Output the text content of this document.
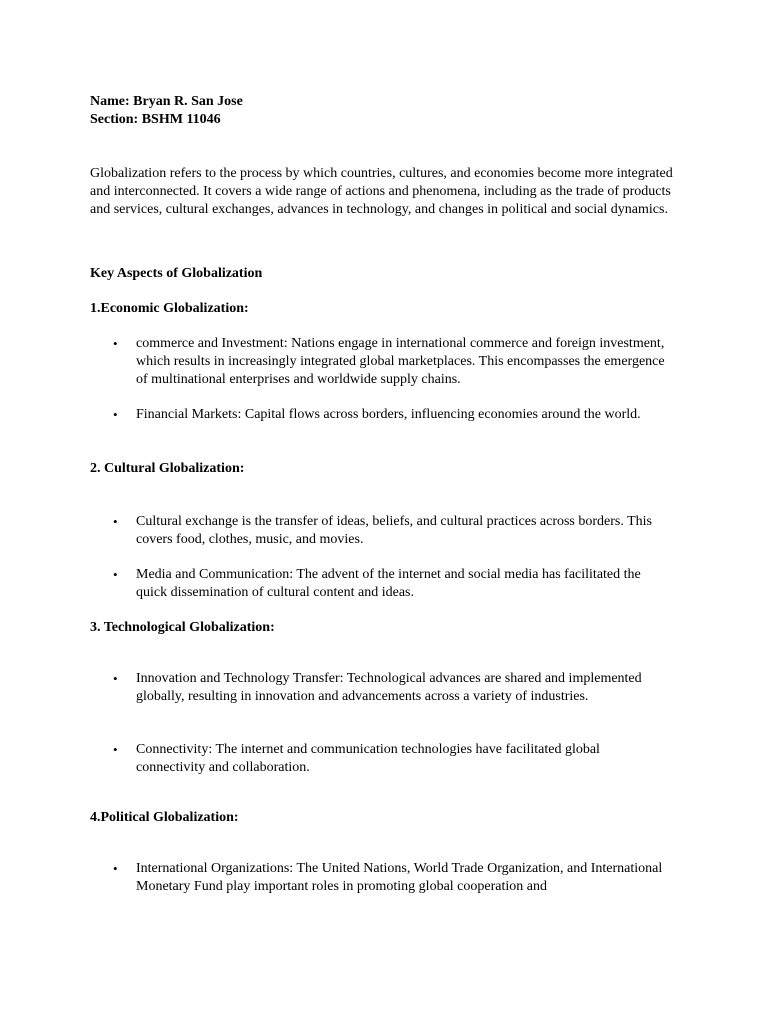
Name: Bryan R. San Jose

Section: BSHM 11046

Globalization refers to the process by which countries, cultures, and economies become more integrated and interconnected. It covers a wide range of actions and phenomena, including as the trade of products and services, cultural exchanges, advances in technology, and changes in political and social dynamics.

Key Aspects of Globalization

1.Economic Globalization:

• commerce and Investment: Nations engage in international commerce and foreign investment, which results in increasingly integrated global marketplaces. This encompasses the emergence of multinational enterprises and worldwide supply chains.

• Financial Markets: Capital flows across borders, influencing economies around the world.

2. Cultural Globalization:

• Cultural exchange is the transfer of ideas, beliefs, and cultural practices across borders. This covers food, clothes, music, and movies.

• Media and Communication: The advent of the internet and social media has facilitated the quick dissemination of cultural content and ideas.

3. Technological Globalization:

• Innovation and Technology Transfer: Technological advances are shared and implemented globally, resulting in innovation and advancements across a variety of industries.

• Connectivity: The internet and communication technologies have facilitated global connectivity and collaboration.

4.Political Globalization:

• International Organizations: The United Nations, World Trade Organization, and International Monetary Fund play important roles in promoting global cooperation and
